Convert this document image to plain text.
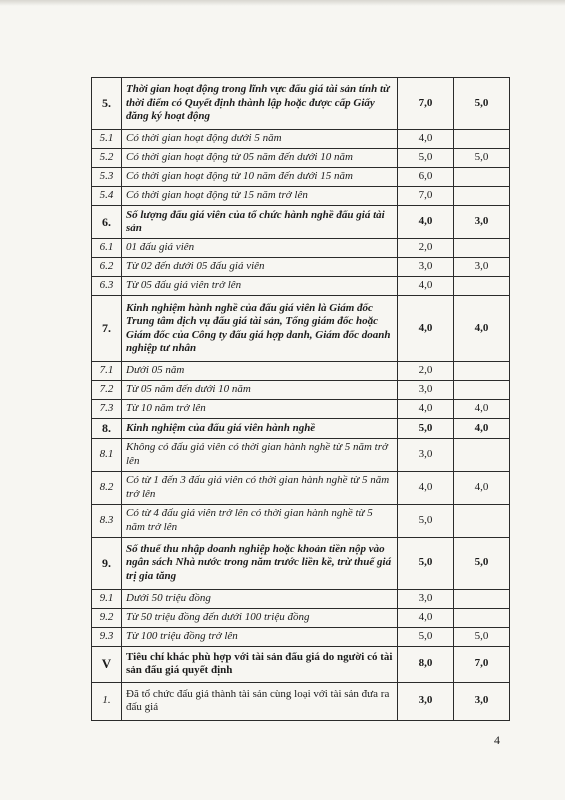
5.	Thời gian hoạt động trong lĩnh vực đấu giá tài sản tính từ thời điểm có Quyết định thành lập hoặc được cấp Giấy đăng ký hoạt động	7,0	5,0
5.1	Có thời gian hoạt động dưới 5 năm	4,0	
5.2	Có thời gian hoạt động từ 05 năm đến dưới 10 năm	5,0	5,0
5.3	Có thời gian hoạt động từ 10 năm đến dưới 15 năm	6,0	
5.4	Có thời gian hoạt động từ 15 năm trở lên	7,0	
6.	Số lượng đấu giá viên của tổ chức hành nghề đấu giá tài sản	4,0	3,0
6.1	01 đấu giá viên	2,0	
6.2	Từ 02 đến dưới 05 đấu giá viên	3,0	3,0
6.3	Từ 05 đấu giá viên trở lên	4,0	
7.	Kinh nghiệm hành nghề của đấu giá viên là Giám đốc Trung tâm dịch vụ đấu giá tài sản, Tổng giám đốc hoặc Giám đốc của Công ty đấu giá hợp danh, Giám đốc doanh nghiệp tư nhân	4,0	4,0
7.1	Dưới 05 năm	2,0	
7.2	Từ 05 năm đến dưới 10 năm	3,0	
7.3	Từ 10 năm trở lên	4,0	4,0
8.	Kinh nghiệm của đấu giá viên hành nghề	5,0	4,0
8.1	Không có đấu giá viên có thời gian hành nghề từ 5 năm trở lên	3,0	
8.2	Có từ 1 đến 3 đấu giá viên có thời gian hành nghề từ 5 năm trở lên	4,0	4,0
8.3	Có từ 4 đấu giá viên trở lên có thời gian hành nghề từ 5 năm trở lên	5,0	
9.	Số thuế thu nhập doanh nghiệp hoặc khoản tiền nộp vào ngân sách Nhà nước trong năm trước liền kề, trừ thuế giá trị gia tăng	5,0	5,0
9.1	Dưới 50 triệu đồng	3,0	
9.2	Từ 50 triệu đồng đến dưới 100 triệu đồng	4,0	
9.3	Từ 100 triệu đồng trở lên	5,0	5,0
V	Tiêu chí khác phù hợp với tài sản đấu giá do người có tài sản đấu giá quyết định	8,0	7,0
1.	Đã tổ chức đấu giá thành tài sản cùng loại với tài sản đưa ra đấu giá	3,0	3,0
4
